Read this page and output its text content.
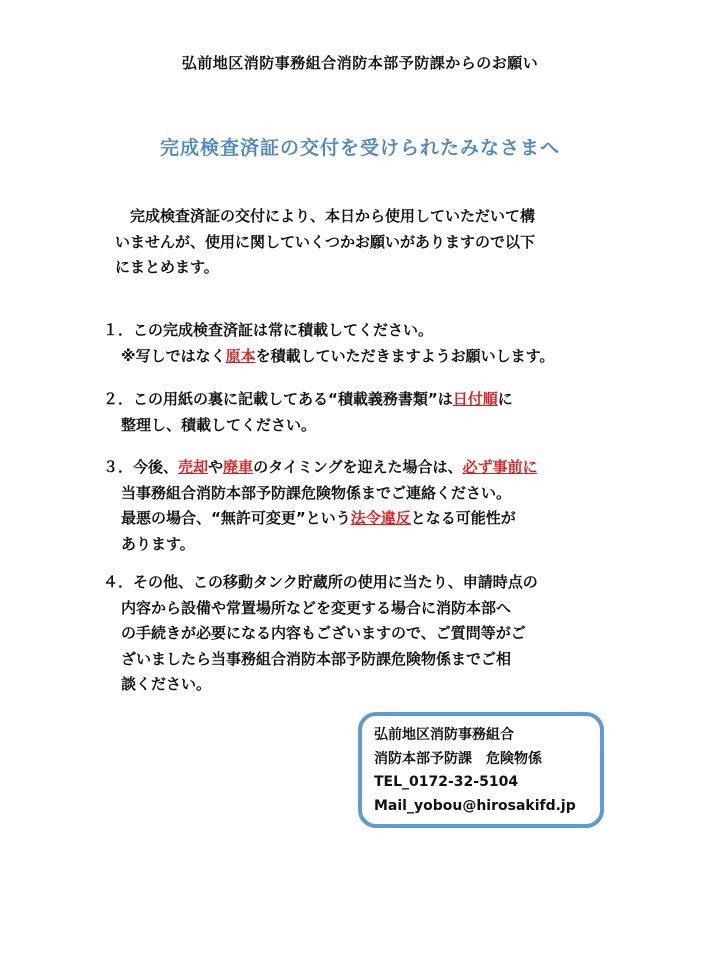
弘前地区消防事務組合消防本部予防課からのお願い
完成検査済証の交付を受けられたみなさまへ
完成検査済証の交付により、本日から使用していただいて構
いませんが、使用に関していくつかお願いがありますので以下
にまとめます。
１．この完成検査済証は常に積載してください。
※写しではなく原本を積載していただきますようお願いします。
２．この用紙の裏に記載してある“積載義務書類”は日付順に
整理し、積載してください。
３．今後、売却や廃車のタイミングを迎えた場合は、必ず事前に
当事務組合消防本部予防課危険物係までご連絡ください。
最悪の場合、“無許可変更”という法令違反となる可能性が
あります。
４．その他、この移動タンク貯蔵所の使用に当たり、申請時点の
内容から設備や常置場所などを変更する場合に消防本部へ
の手続きが必要になる内容もございますので、ご質問等がご
ざいましたら当事務組合消防本部予防課危険物係までご相
談ください。
弘前地区消防事務組合
消防本部予防課　危険物係
TEL_0172-32-5104
Mail_yobou@hirosakifd.jp
